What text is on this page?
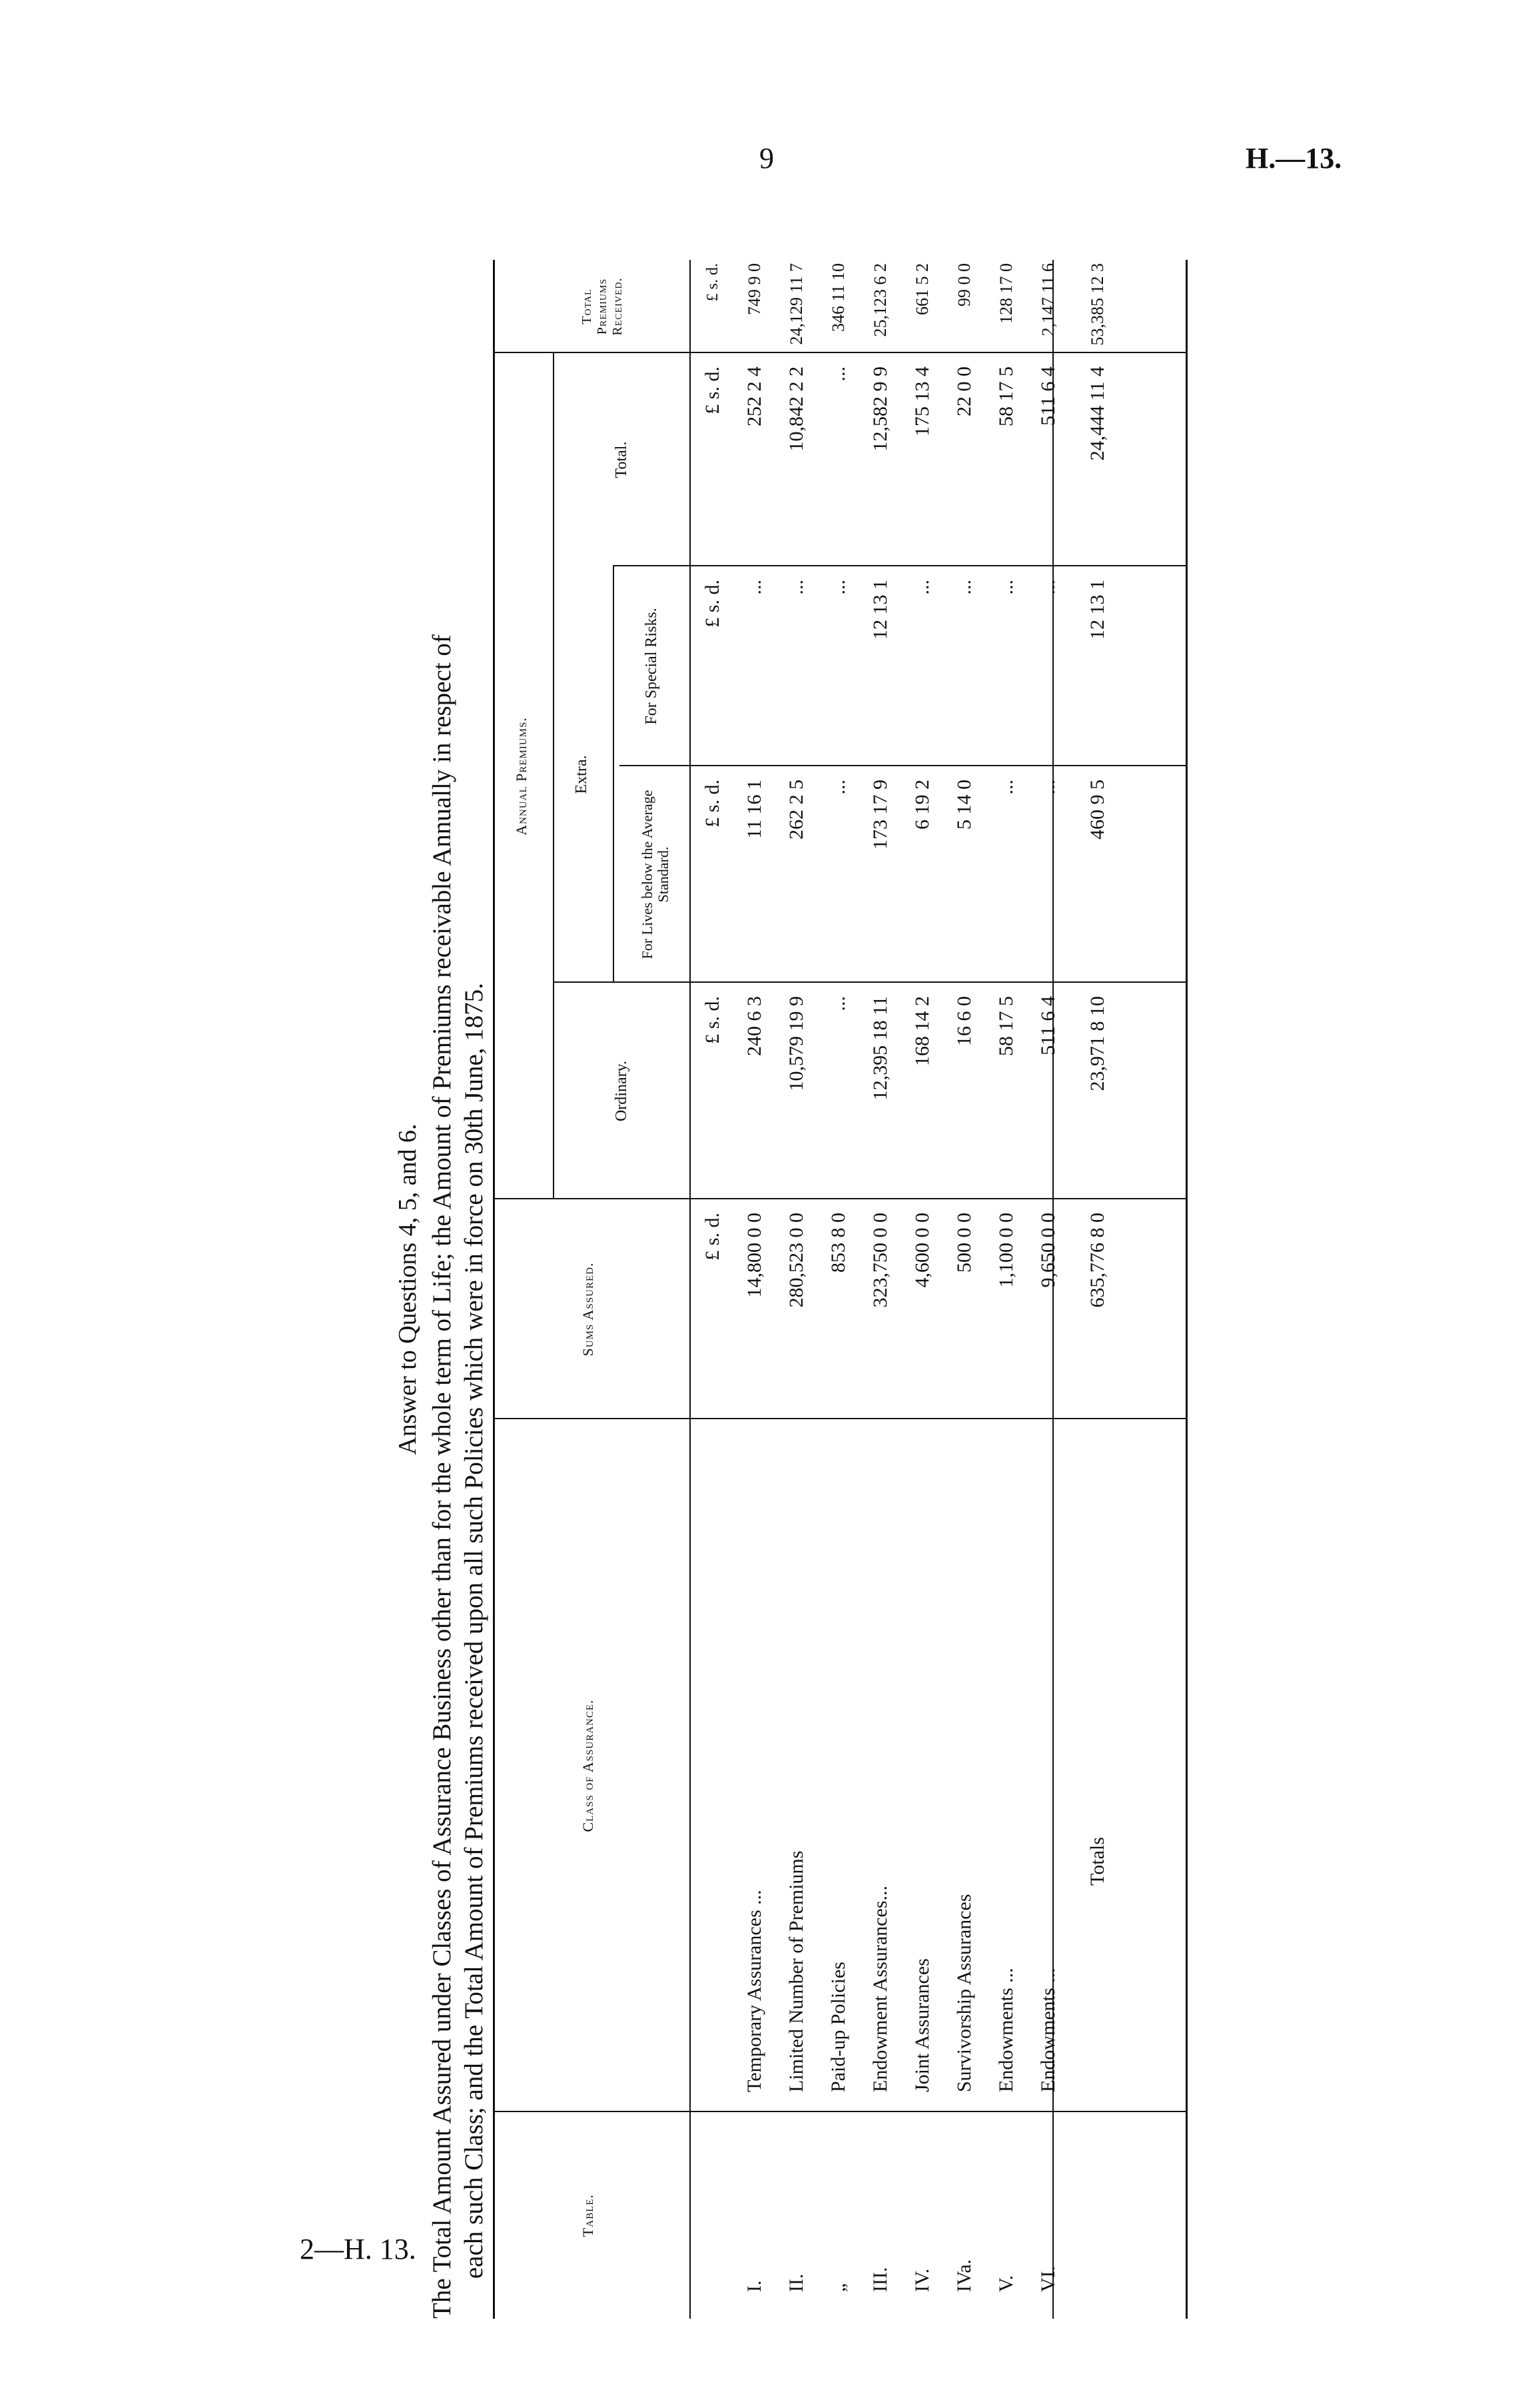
9	H.—13.
2—H. 13.
Answer to Questions 4, 5, and 6. The Total Amount Assured under Classes of Assurance Business other than for the whole term of Life; the Amount of Premiums receivable Annually in respect of each such Class; and the Total Amount of Premiums received upon all such Policies which were in force on 30th June, 1875.	Table.
Class of Assurance.
Sums Assured.
Annual Premiums.
Ordinary.
Extra.
For Lives below the Average Standard.
For Special Risks.
Total.
Total Premiums Received.
£ s. d.
£ s. d.
£ s. d.
£ s. d.
£ s. d.
£ s. d.
I.
Temporary Assurances ...
14,800 0 0
240 6 3
11 16 1
...
252 2 4
749 9 0
II.
Limited Number of Premiums
280,523 0 0
10,579 19 9
262 2 5
...
10,842 2 2
24,129 11 7
„
Paid-up Policies
853 8 0
...
...
...
...
346 11 10
III.
Endowment Assurances...
323,750 0 0
12,395 18 11
173 17 9
12 13 1
12,582 9 9
25,123 6 2
IV.
Joint Assurances
4,600 0 0
168 14 2
6 19 2
...
175 13 4
661 5 2
IVa.
Survivorship Assurances
500 0 0
16 6 0
5 14 0
...
22 0 0
99 0 0
V.
Endowments ...
1,100 0 0
58 17 5
...
...
58 17 5
128 17 0
VI.
Endowments ...
9,650 0 0
511 6 4
...
...
511 6 4
2,147 11 6
Totals
635,776 8 0
23,971 8 10
460 9 5
12 13 1
24,444 11 4
53,385 12 3
